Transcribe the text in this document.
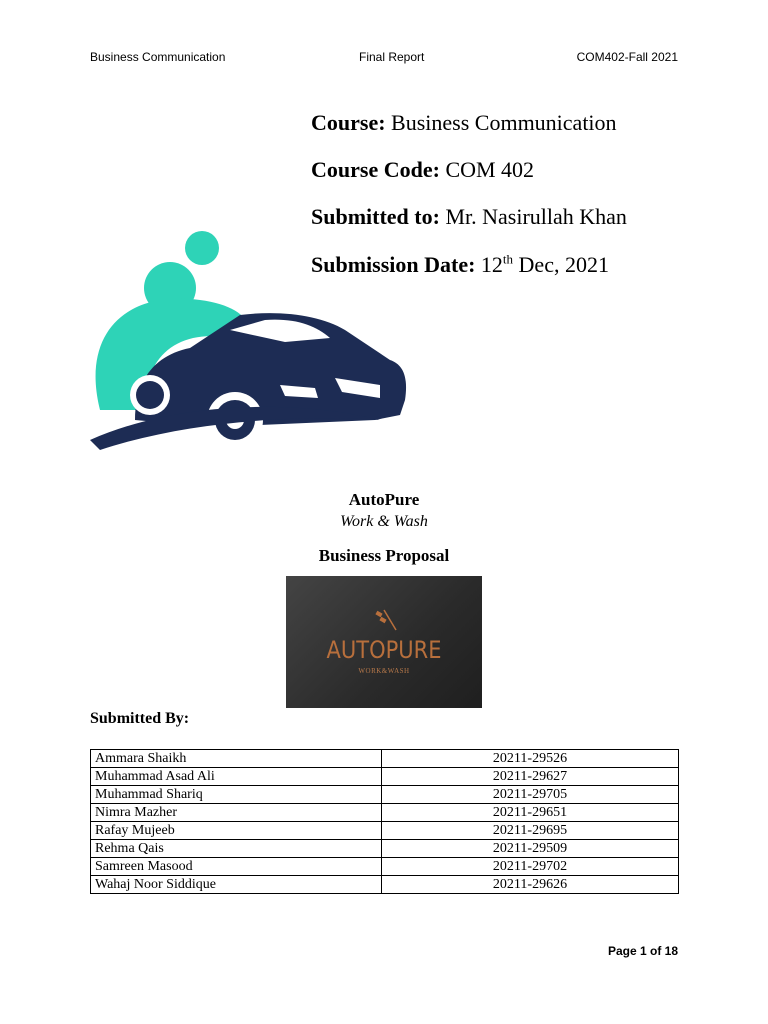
Business Communication	Final Report	COM402-Fall 2021
Course: Business Communication
Course Code: COM 402
Submitted to: Mr. Nasirullah Khan
Submission Date: 12th Dec, 2021
AutoPure
Work & Wash
Business Proposal
AUTOPURE
WORK&WASH
Submitted By:
Ammara Shaikh	20211-29526
Muhammad Asad Ali	20211-29627
Muhammad Shariq	20211-29705
Nimra Mazher	20211-29651
Rafay Mujeeb	20211-29695
Rehma Qais	20211-29509
Samreen Masood	20211-29702
Wahaj Noor Siddique	20211-29626
Page 1 of 18
